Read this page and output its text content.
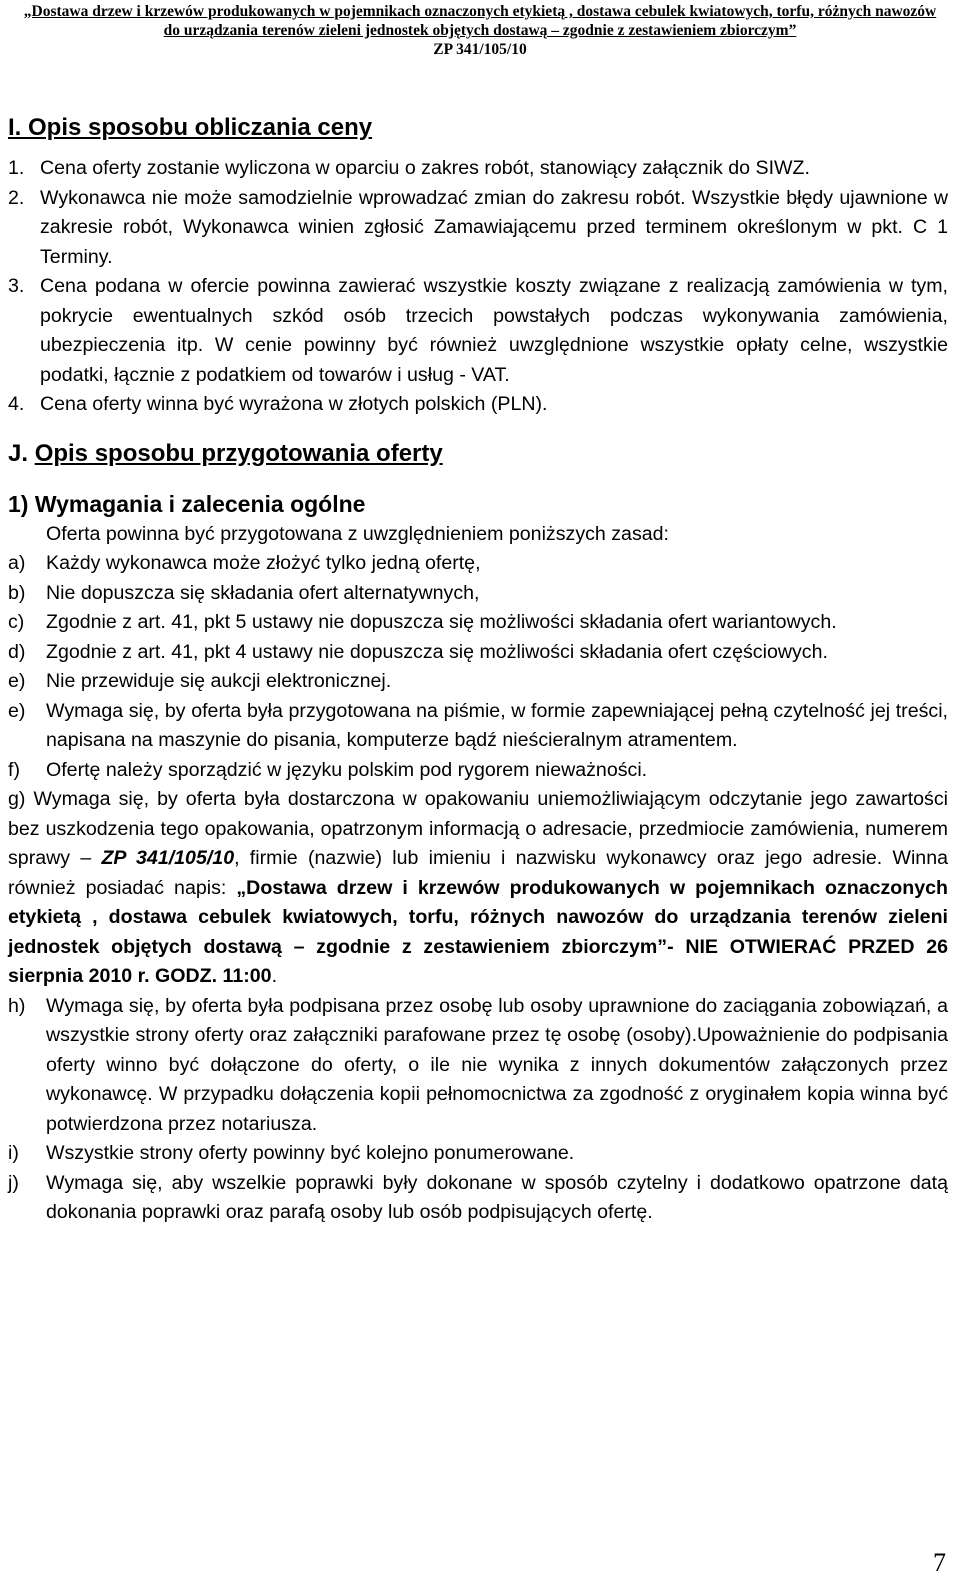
„Dostawa drzew i krzewów produkowanych w pojemnikach oznaczonych etykietą , dostawa cebulek kwiatowych, torfu, różnych nawozów
do urządzania terenów zieleni jednostek objętych dostawą – zgodnie z zestawieniem zbiorczym”
ZP 341/105/10
I. Opis sposobu obliczania ceny
1. Cena oferty zostanie wyliczona w oparciu o zakres robót, stanowiący załącznik do SIWZ.
2. Wykonawca nie może samodzielnie wprowadzać zmian do zakresu robót. Wszystkie błędy ujawnione w zakresie robót, Wykonawca winien zgłosić Zamawiającemu przed terminem określonym w pkt. C 1 Terminy.
3. Cena podana w ofercie powinna zawierać wszystkie koszty związane z realizacją zamówienia w tym, pokrycie ewentualnych szkód osób trzecich powstałych podczas wykonywania zamówienia, ubezpieczenia itp. W cenie powinny być również uwzględnione wszystkie opłaty celne, wszystkie podatki, łącznie z podatkiem od towarów i usług - VAT.
4. Cena oferty winna być wyrażona w złotych polskich (PLN).
J. Opis sposobu przygotowania oferty
1) Wymagania i zalecenia ogólne
Oferta powinna być przygotowana z uwzględnieniem poniższych zasad:
a)	Każdy wykonawca może złożyć tylko jedną ofertę,
b)	Nie dopuszcza się składania ofert alternatywnych,
c)	Zgodnie z art. 41, pkt 5 ustawy nie dopuszcza się możliwości składania ofert wariantowych.
d)	Zgodnie z art. 41, pkt 4 ustawy nie dopuszcza się możliwości składania ofert częściowych.
e)	Nie przewiduje się aukcji elektronicznej.
e)	Wymaga się, by oferta była przygotowana na piśmie, w formie zapewniającej pełną czytelność jej treści, napisana na maszynie do pisania, komputerze bądź nieścieralnym atramentem.
f)	Ofertę należy sporządzić w języku polskim pod rygorem nieważności.
g) Wymaga się, by oferta była dostarczona w opakowaniu uniemożliwiającym odczytanie jego zawartości bez uszkodzenia tego opakowania, opatrzonym informacją o adresacie, przedmiocie zamówienia, numerem sprawy – ZP 341/105/10, firmie (nazwie) lub imieniu i nazwisku wykonawcy oraz jego adresie. Winna również posiadać napis: „Dostawa drzew i krzewów produkowanych w pojemnikach oznaczonych etykietą , dostawa cebulek kwiatowych, torfu, różnych nawozów do urządzania terenów zieleni jednostek objętych dostawą – zgodnie z zestawieniem zbiorczym”- NIE OTWIERAĆ PRZED 26 sierpnia 2010 r. GODZ. 11:00.
h)	Wymaga się, by oferta była podpisana przez osobę lub osoby uprawnione do zaciągania zobowiązań, a wszystkie strony oferty oraz załączniki parafowane przez tę osobę (osoby).Upoważnienie do podpisania oferty winno być dołączone do oferty, o ile nie wynika z innych dokumentów załączonych przez wykonawcę. W przypadku dołączenia kopii pełnomocnictwa za zgodność z oryginałem kopia winna być potwierdzona przez notariusza.
i)	Wszystkie strony oferty powinny być kolejno ponumerowane.
j)	Wymaga się, aby wszelkie poprawki były dokonane w sposób czytelny i dodatkowo opatrzone datą dokonania poprawki oraz parafą osoby lub osób podpisujących ofertę.
7
